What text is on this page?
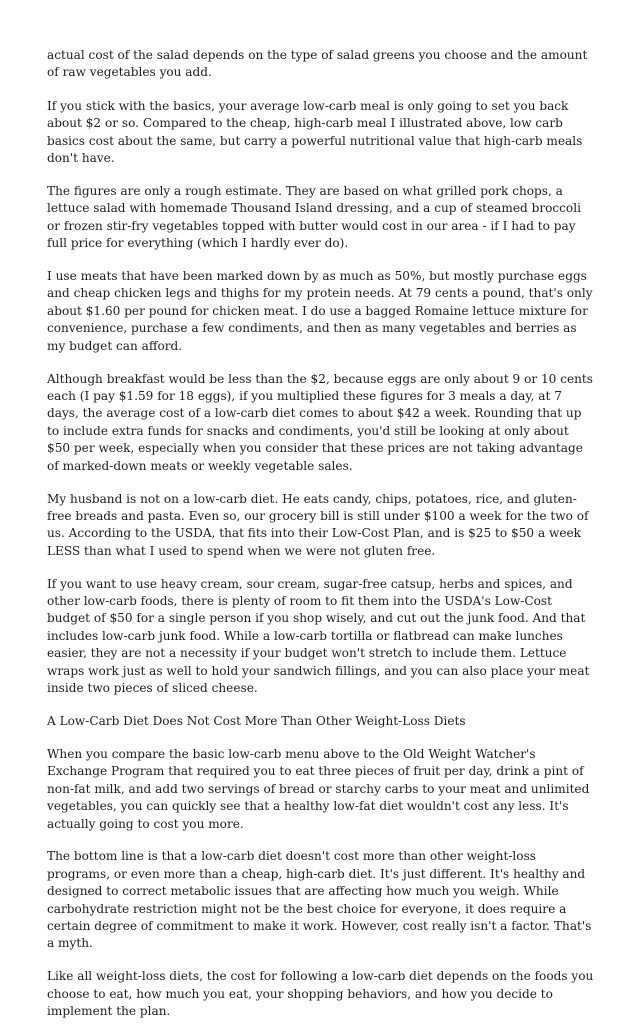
actual cost of the salad depends on the type of salad greens you choose and the amount of raw vegetables you add.

If you stick with the basics, your average low-carb meal is only going to set you back about $2 or so. Compared to the cheap, high-carb meal I illustrated above, low carb basics cost about the same, but carry a powerful nutritional value that high-carb meals don't have.

The figures are only a rough estimate. They are based on what grilled pork chops, a lettuce salad with homemade Thousand Island dressing, and a cup of steamed broccoli or frozen stir-fry vegetables topped with butter would cost in our area - if I had to pay full price for everything (which I hardly ever do).

I use meats that have been marked down by as much as 50%, but mostly purchase eggs and cheap chicken legs and thighs for my protein needs. At 79 cents a pound, that's only about $1.60 per pound for chicken meat. I do use a bagged Romaine lettuce mixture for convenience, purchase a few condiments, and then as many vegetables and berries as my budget can afford.

Although breakfast would be less than the $2, because eggs are only about 9 or 10 cents each (I pay $1.59 for 18 eggs), if you multiplied these figures for 3 meals a day, at 7 days, the average cost of a low-carb diet comes to about $42 a week. Rounding that up to include extra funds for snacks and condiments, you'd still be looking at only about $50 per week, especially when you consider that these prices are not taking advantage of marked-down meats or weekly vegetable sales.

My husband is not on a low-carb diet. He eats candy, chips, potatoes, rice, and gluten-free breads and pasta. Even so, our grocery bill is still under $100 a week for the two of us. According to the USDA, that fits into their Low-Cost Plan, and is $25 to $50 a week LESS than what I used to spend when we were not gluten free.

If you want to use heavy cream, sour cream, sugar-free catsup, herbs and spices, and other low-carb foods, there is plenty of room to fit them into the USDA's Low-Cost budget of $50 for a single person if you shop wisely, and cut out the junk food. And that includes low-carb junk food. While a low-carb tortilla or flatbread can make lunches easier, they are not a necessity if your budget won't stretch to include them. Lettuce wraps work just as well to hold your sandwich fillings, and you can also place your meat inside two pieces of sliced cheese.

A Low-Carb Diet Does Not Cost More Than Other Weight-Loss Diets

When you compare the basic low-carb menu above to the Old Weight Watcher's Exchange Program that required you to eat three pieces of fruit per day, drink a pint of non-fat milk, and add two servings of bread or starchy carbs to your meat and unlimited vegetables, you can quickly see that a healthy low-fat diet wouldn't cost any less. It's actually going to cost you more.

The bottom line is that a low-carb diet doesn't cost more than other weight-loss programs, or even more than a cheap, high-carb diet. It's just different. It's healthy and designed to correct metabolic issues that are affecting how much you weigh. While carbohydrate restriction might not be the best choice for everyone, it does require a certain degree of commitment to make it work. However, cost really isn't a factor. That's a myth.

Like all weight-loss diets, the cost for following a low-carb diet depends on the foods you choose to eat, how much you eat, your shopping behaviors, and how you decide to implement the plan.
